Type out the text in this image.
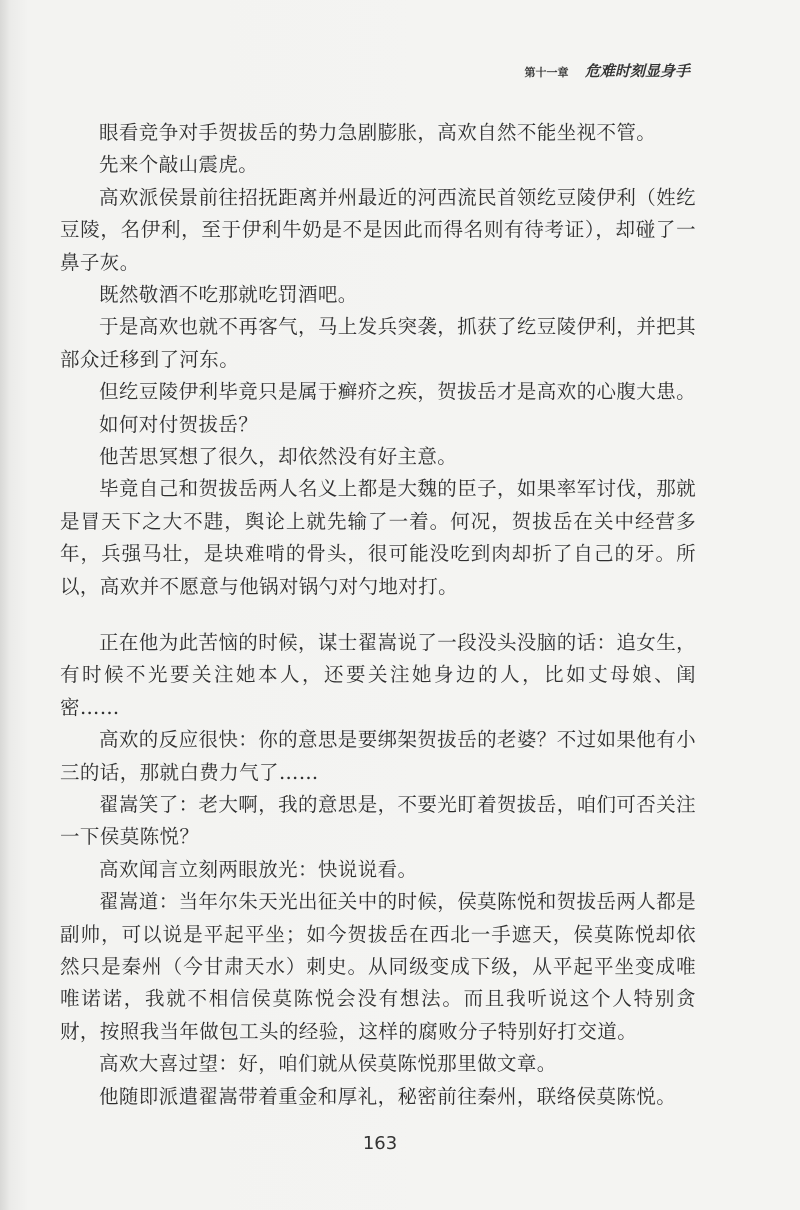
第十一章 危难时刻显身手

眼看竞争对手贺拔岳的势力急剧膨胀，高欢自然不能坐视不管。

先来个敲山震虎。

高欢派侯景前往招抚距离并州最近的河西流民首领纥豆陵伊利（姓纥豆陵，名伊利，至于伊利牛奶是不是因此而得名则有待考证），却碰了一鼻子灰。

既然敬酒不吃那就吃罚酒吧。

于是高欢也就不再客气，马上发兵突袭，抓获了纥豆陵伊利，并把其部众迁移到了河东。

但纥豆陵伊利毕竟只是属于癣疥之疾，贺拔岳才是高欢的心腹大患。

如何对付贺拔岳？

他苦思冥想了很久，却依然没有好主意。

毕竟自己和贺拔岳两人名义上都是大魏的臣子，如果率军讨伐，那就是冒天下之大不韪，舆论上就先输了一着。何况，贺拔岳在关中经营多年，兵强马壮，是块难啃的骨头，很可能没吃到肉却折了自己的牙。所以，高欢并不愿意与他锅对锅勺对勺地对打。

正在他为此苦恼的时候，谋士翟嵩说了一段没头没脑的话：追女生，有时候不光要关注她本人，还要关注她身边的人，比如丈母娘、闺密……

高欢的反应很快：你的意思是要绑架贺拔岳的老婆？不过如果他有小三的话，那就白费力气了……

翟嵩笑了：老大啊，我的意思是，不要光盯着贺拔岳，咱们可否关注一下侯莫陈悦？

高欢闻言立刻两眼放光：快说说看。

翟嵩道：当年尔朱天光出征关中的时候，侯莫陈悦和贺拔岳两人都是副帅，可以说是平起平坐；如今贺拔岳在西北一手遮天，侯莫陈悦却依然只是秦州（今甘肃天水）刺史。从同级变成下级，从平起平坐变成唯唯诺诺，我就不相信侯莫陈悦会没有想法。而且我听说这个人特别贪财，按照我当年做包工头的经验，这样的腐败分子特别好打交道。

高欢大喜过望：好，咱们就从侯莫陈悦那里做文章。

他随即派遣翟嵩带着重金和厚礼，秘密前往秦州，联络侯莫陈悦。

163
